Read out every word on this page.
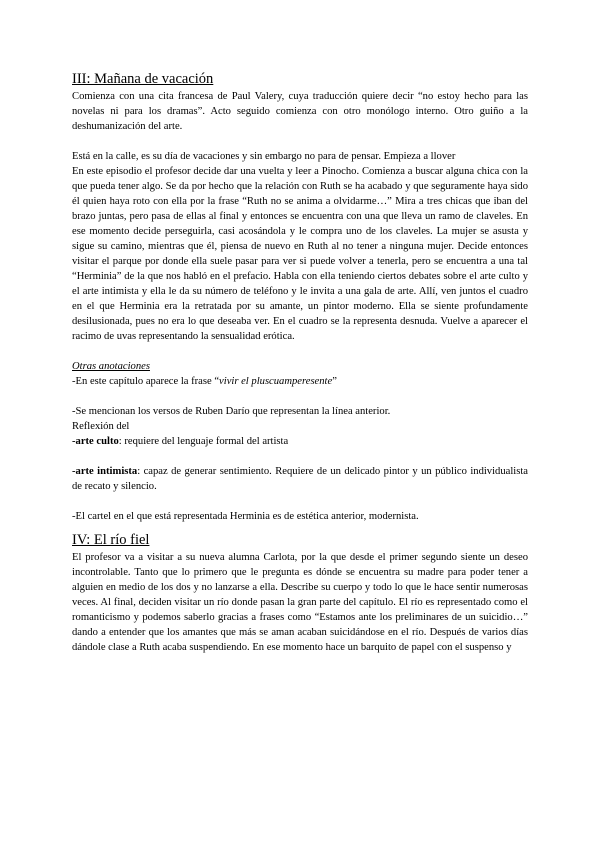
III: Mañana de vacación

Comienza con una cita francesa de Paul Valery, cuya traducción quiere decir “no estoy hecho para las novelas ni para los dramas”. Acto seguido comienza con otro monólogo interno. Otro guiño a la deshumanización del arte.

Está en la calle, es su día de vacaciones y sin embargo no para de pensar. Empieza a llover

En este episodio el profesor decide dar una vuelta y leer a Pinocho. Comienza a buscar alguna chica con la que pueda tener algo. Se da por hecho que la relación con Ruth se ha acabado y que seguramente haya sido él quien haya roto con ella por la frase “Ruth no se anima a olvidarme…” Mira a tres chicas que iban del brazo juntas, pero pasa de ellas al final y entonces se encuentra con una que lleva un ramo de claveles. En ese momento decide perseguirla, casi acosándola y le compra uno de los claveles. La mujer se asusta y sigue su camino, mientras que él, piensa de nuevo en Ruth al no tener a ninguna mujer. Decide entonces visitar el parque por donde ella suele pasar para ver si puede volver a tenerla, pero se encuentra a una tal “Herminia” de la que nos habló en el prefacio. Habla con ella teniendo ciertos debates sobre el arte culto y el arte intimista y ella le da su número de teléfono y le invita a una gala de arte. Allí, ven juntos el cuadro en el que Herminia era la retratada por su amante, un pintor moderno. Ella se siente profundamente desilusionada, pues no era lo que deseaba ver. En el cuadro se la representa desnuda. Vuelve a aparecer el racimo de uvas representando la sensualidad erótica.

Otras anotaciones

-En este capítulo aparece la frase “vivir el pluscuamperesente”

-Se mencionan los versos de Ruben Darío que representan la línea anterior.

Reflexión del

-arte culto: requiere del lenguaje formal del artista

-arte intimista: capaz de generar sentimiento. Requiere de un delicado pintor y un público individualista de recato y silencio.

-El cartel en el que está representada Herminia es de estética anterior, modernista.

IV: El río fiel

El profesor va a visitar a su nueva alumna Carlota, por la que desde el primer segundo siente un deseo incontrolable. Tanto que lo primero que le pregunta es dónde se encuentra su madre para poder tener a alguien en medio de los dos y no lanzarse a ella. Describe su cuerpo y todo lo que le hace sentir numerosas veces. Al final, deciden visitar un río donde pasan la gran parte del capítulo. El río es representado como el romanticismo y podemos saberlo gracias a frases como “Estamos ante los preliminares de un suicidio…” dando a entender que los amantes que más se aman acaban suicidándose en el río. Después de varios días dándole clase a Ruth acaba suspendiendo. En ese momento hace un barquito de papel con el suspenso y
